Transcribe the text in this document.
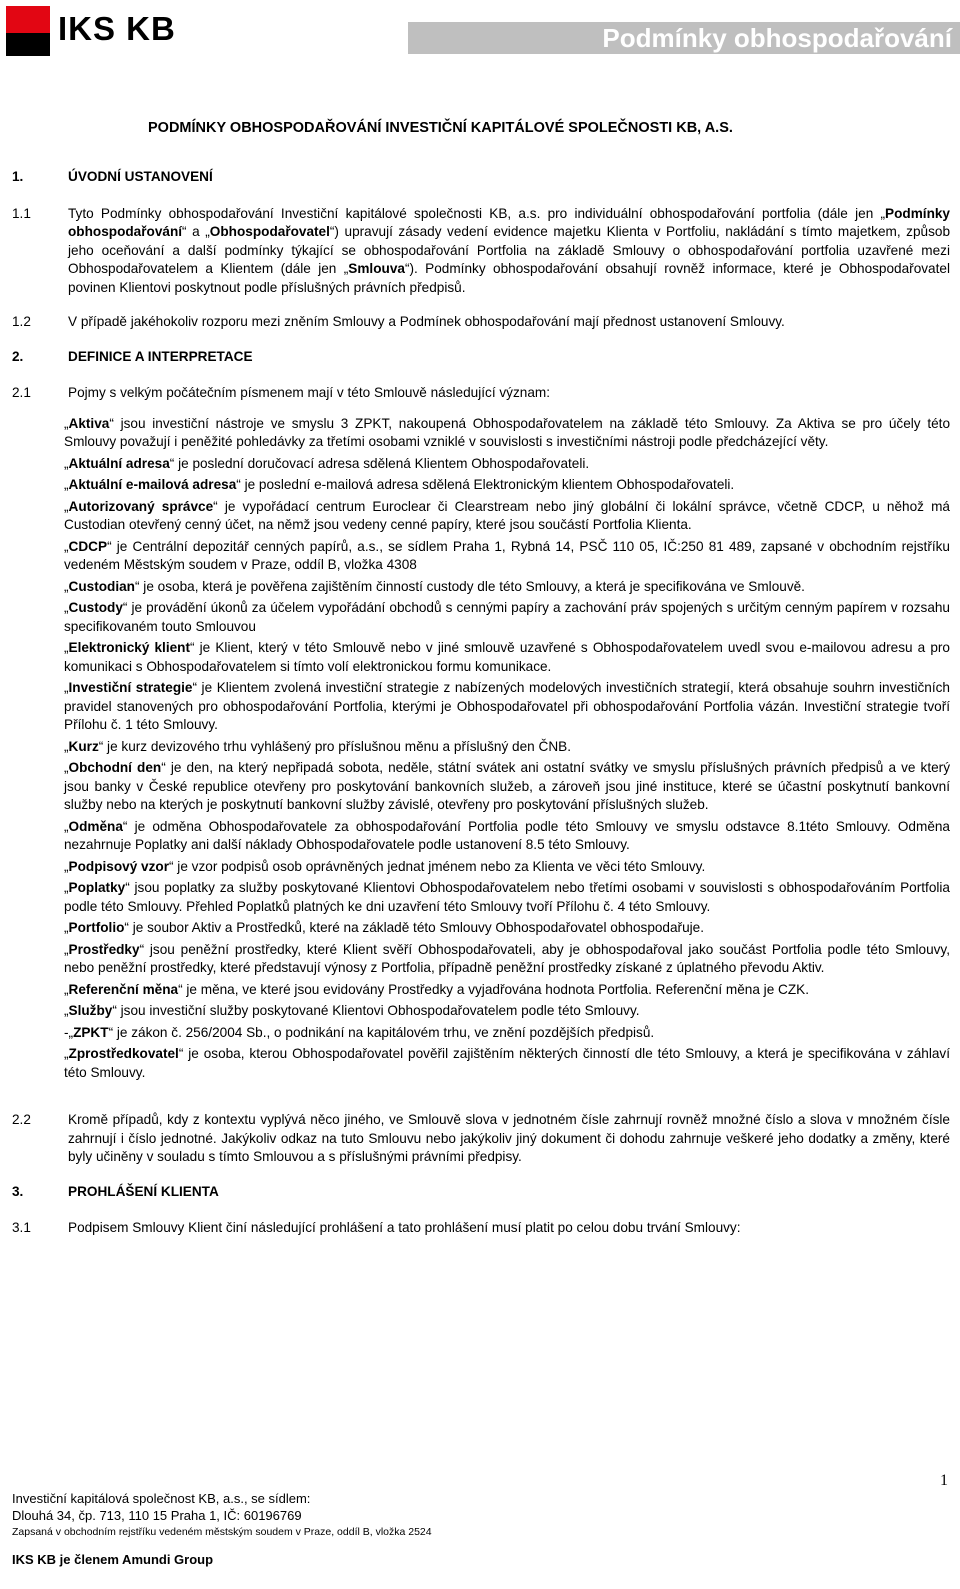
IKS KB	Podmínky obhospodařování
PODMÍNKY OBHOSPODAŘOVÁNÍ INVESTIČNÍ KAPITÁLOVÉ SPOLEČNOSTI KB, A.S.
1.	ÚVODNÍ USTANOVENÍ
1.1	Tyto Podmínky obhospodařování Investiční kapitálové společnosti KB, a.s. pro individuální obhospodařování portfolia (dále jen „Podmínky obhospodařování“ a „Obhospodařovatel“) upravují zásady vedení evidence majetku Klienta v Portfoliu, nakládání s tímto majetkem, způsob jeho oceňování a další podmínky týkající se obhospodařování Portfolia na základě Smlouvy o obhospodařování portfolia uzavřené mezi Obhospodařovatelem a Klientem (dále jen „Smlouva“). Podmínky obhospodařování obsahují rovněž informace, které je Obhospodařovatel povinen Klientovi poskytnout podle příslušných právních předpisů.
1.2	V případě jakéhokoliv rozporu mezi zněním Smlouvy a Podmínek obhospodařování mají přednost ustanovení Smlouvy.
2.	DEFINICE A INTERPRETACE
2.1	Pojmy s velkým počátečním písmenem mají v této Smlouvě následující význam:
„Aktiva“ jsou investiční nástroje ve smyslu 3 ZPKT, nakoupená Obhospodařovatelem na základě této Smlouvy. Za Aktiva se pro účely této Smlouvy považují i peněžité pohledávky za třetími osobami vzniklé v souvislosti s investičními nástroji podle předcházející věty.
„Aktuální adresa“ je poslední doručovací adresa sdělená Klientem Obhospodařovateli.
„Aktuální e-mailová adresa“ je poslední e-mailová adresa sdělená Elektronickým klientem Obhospodařovateli.
„Autorizovaný správce“ je vypořádací centrum Euroclear či Clearstream nebo jiný globální či lokální správce, včetně CDCP, u něhož má Custodian otevřený cenný účet, na němž jsou vedeny cenné papíry, které jsou součástí Portfolia Klienta.
„CDCP“ je Centrální depozitář cenných papírů, a.s., se sídlem Praha 1, Rybná 14, PSČ 110 05, IČ:250 81 489, zapsané v obchodním rejstříku vedeném Městským soudem v Praze, oddíl B, vložka 4308
„Custodian“ je osoba, která je pověřena zajištěním činností custody dle této Smlouvy, a která je specifikována ve Smlouvě.
„Custody“ je provádění úkonů za účelem vypořádání obchodů s cennými papíry a zachování práv spojených s určitým cenným papírem v rozsahu specifikovaném touto Smlouvou
„Elektronický klient“ je Klient, který v této Smlouvě nebo v jiné smlouvě uzavřené s Obhospodařovatelem uvedl svou e-mailovou adresu a pro komunikaci s Obhospodařovatelem si tímto volí elektronickou formu komunikace.
„Investiční strategie“ je Klientem zvolená investiční strategie z nabízených modelových investičních strategií, která obsahuje souhrn investičních pravidel stanovených pro obhospodařování Portfolia, kterými je Obhospodařovatel při obhospodařování Portfolia vázán. Investiční strategie tvoří Přílohu č. 1 této Smlouvy.
„Kurz“ je kurz devizového trhu vyhlášený pro příslušnou měnu a příslušný den ČNB.
„Obchodní den“ je den, na který nepřipadá sobota, neděle, státní svátek ani ostatní svátky ve smyslu příslušných právních předpisů a ve který jsou banky v České republice otevřeny pro poskytování bankovních služeb, a zároveň jsou jiné instituce, které se účastní poskytnutí bankovní služby nebo na kterých je poskytnutí bankovní služby závislé, otevřeny pro poskytování příslušných služeb.
„Odměna“ je odměna Obhospodařovatele za obhospodařování Portfolia podle této Smlouvy ve smyslu odstavce 8.1této Smlouvy. Odměna nezahrnuje Poplatky ani další náklady Obhospodařovatele podle ustanovení 8.5 této Smlouvy.
„Podpisový vzor“ je vzor podpisů osob oprávněných jednat jménem nebo za Klienta ve věci této Smlouvy.
„Poplatky“ jsou poplatky za služby poskytované Klientovi Obhospodařovatelem nebo třetími osobami v souvislosti s obhospodařováním Portfolia podle této Smlouvy. Přehled Poplatků platných ke dni uzavření této Smlouvy tvoří Přílohu č. 4 této Smlouvy.
„Portfolio“ je soubor Aktiv a Prostředků, které na základě této Smlouvy Obhospodařovatel obhospodařuje.
„Prostředky“ jsou peněžní prostředky, které Klient svěří Obhospodařovateli, aby je obhospodařoval jako součást Portfolia podle této Smlouvy, nebo peněžní prostředky, které představují výnosy z Portfolia, případně peněžní prostředky získané z úplatného převodu Aktiv.
„Referenční měna“ je měna, ve které jsou evidovány Prostředky a vyjadřována hodnota Portfolia. Referenční měna je CZK.
„Služby“ jsou investiční služby poskytované Klientovi Obhospodařovatelem podle této Smlouvy.
-„ZPKT“ je zákon č. 256/2004 Sb., o podnikání na kapitálovém trhu, ve znění pozdějších předpisů.
„Zprostředkovatel“ je osoba, kterou Obhospodařovatel pověřil zajištěním některých činností dle této Smlouvy, a která je specifikována v záhlaví této Smlouvy.
2.2	Kromě případů, kdy z kontextu vyplývá něco jiného, ve Smlouvě slova v jednotném čísle zahrnují rovněž množné číslo a slova v množném čísle zahrnují i číslo jednotné. Jakýkoliv odkaz na tuto Smlouvu nebo jakýkoliv jiný dokument či dohodu zahrnuje veškeré jeho dodatky a změny, které byly učiněny v souladu s tímto Smlouvou a s příslušnými právními předpisy.
3.	PROHLÁŠENÍ KLIENTA
3.1	Podpisem Smlouvy Klient činí následující prohlášení a tato prohlášení musí platit po celou dobu trvání Smlouvy:
1
Investiční kapitálová společnost KB, a.s., se sídlem:
Dlouhá 34, čp. 713, 110 15 Praha 1, IČ: 60196769
Zapsaná v obchodním rejstříku vedeném městským soudem v Praze, oddíl B, vložka 2524
IKS KB je členem Amundi Group
